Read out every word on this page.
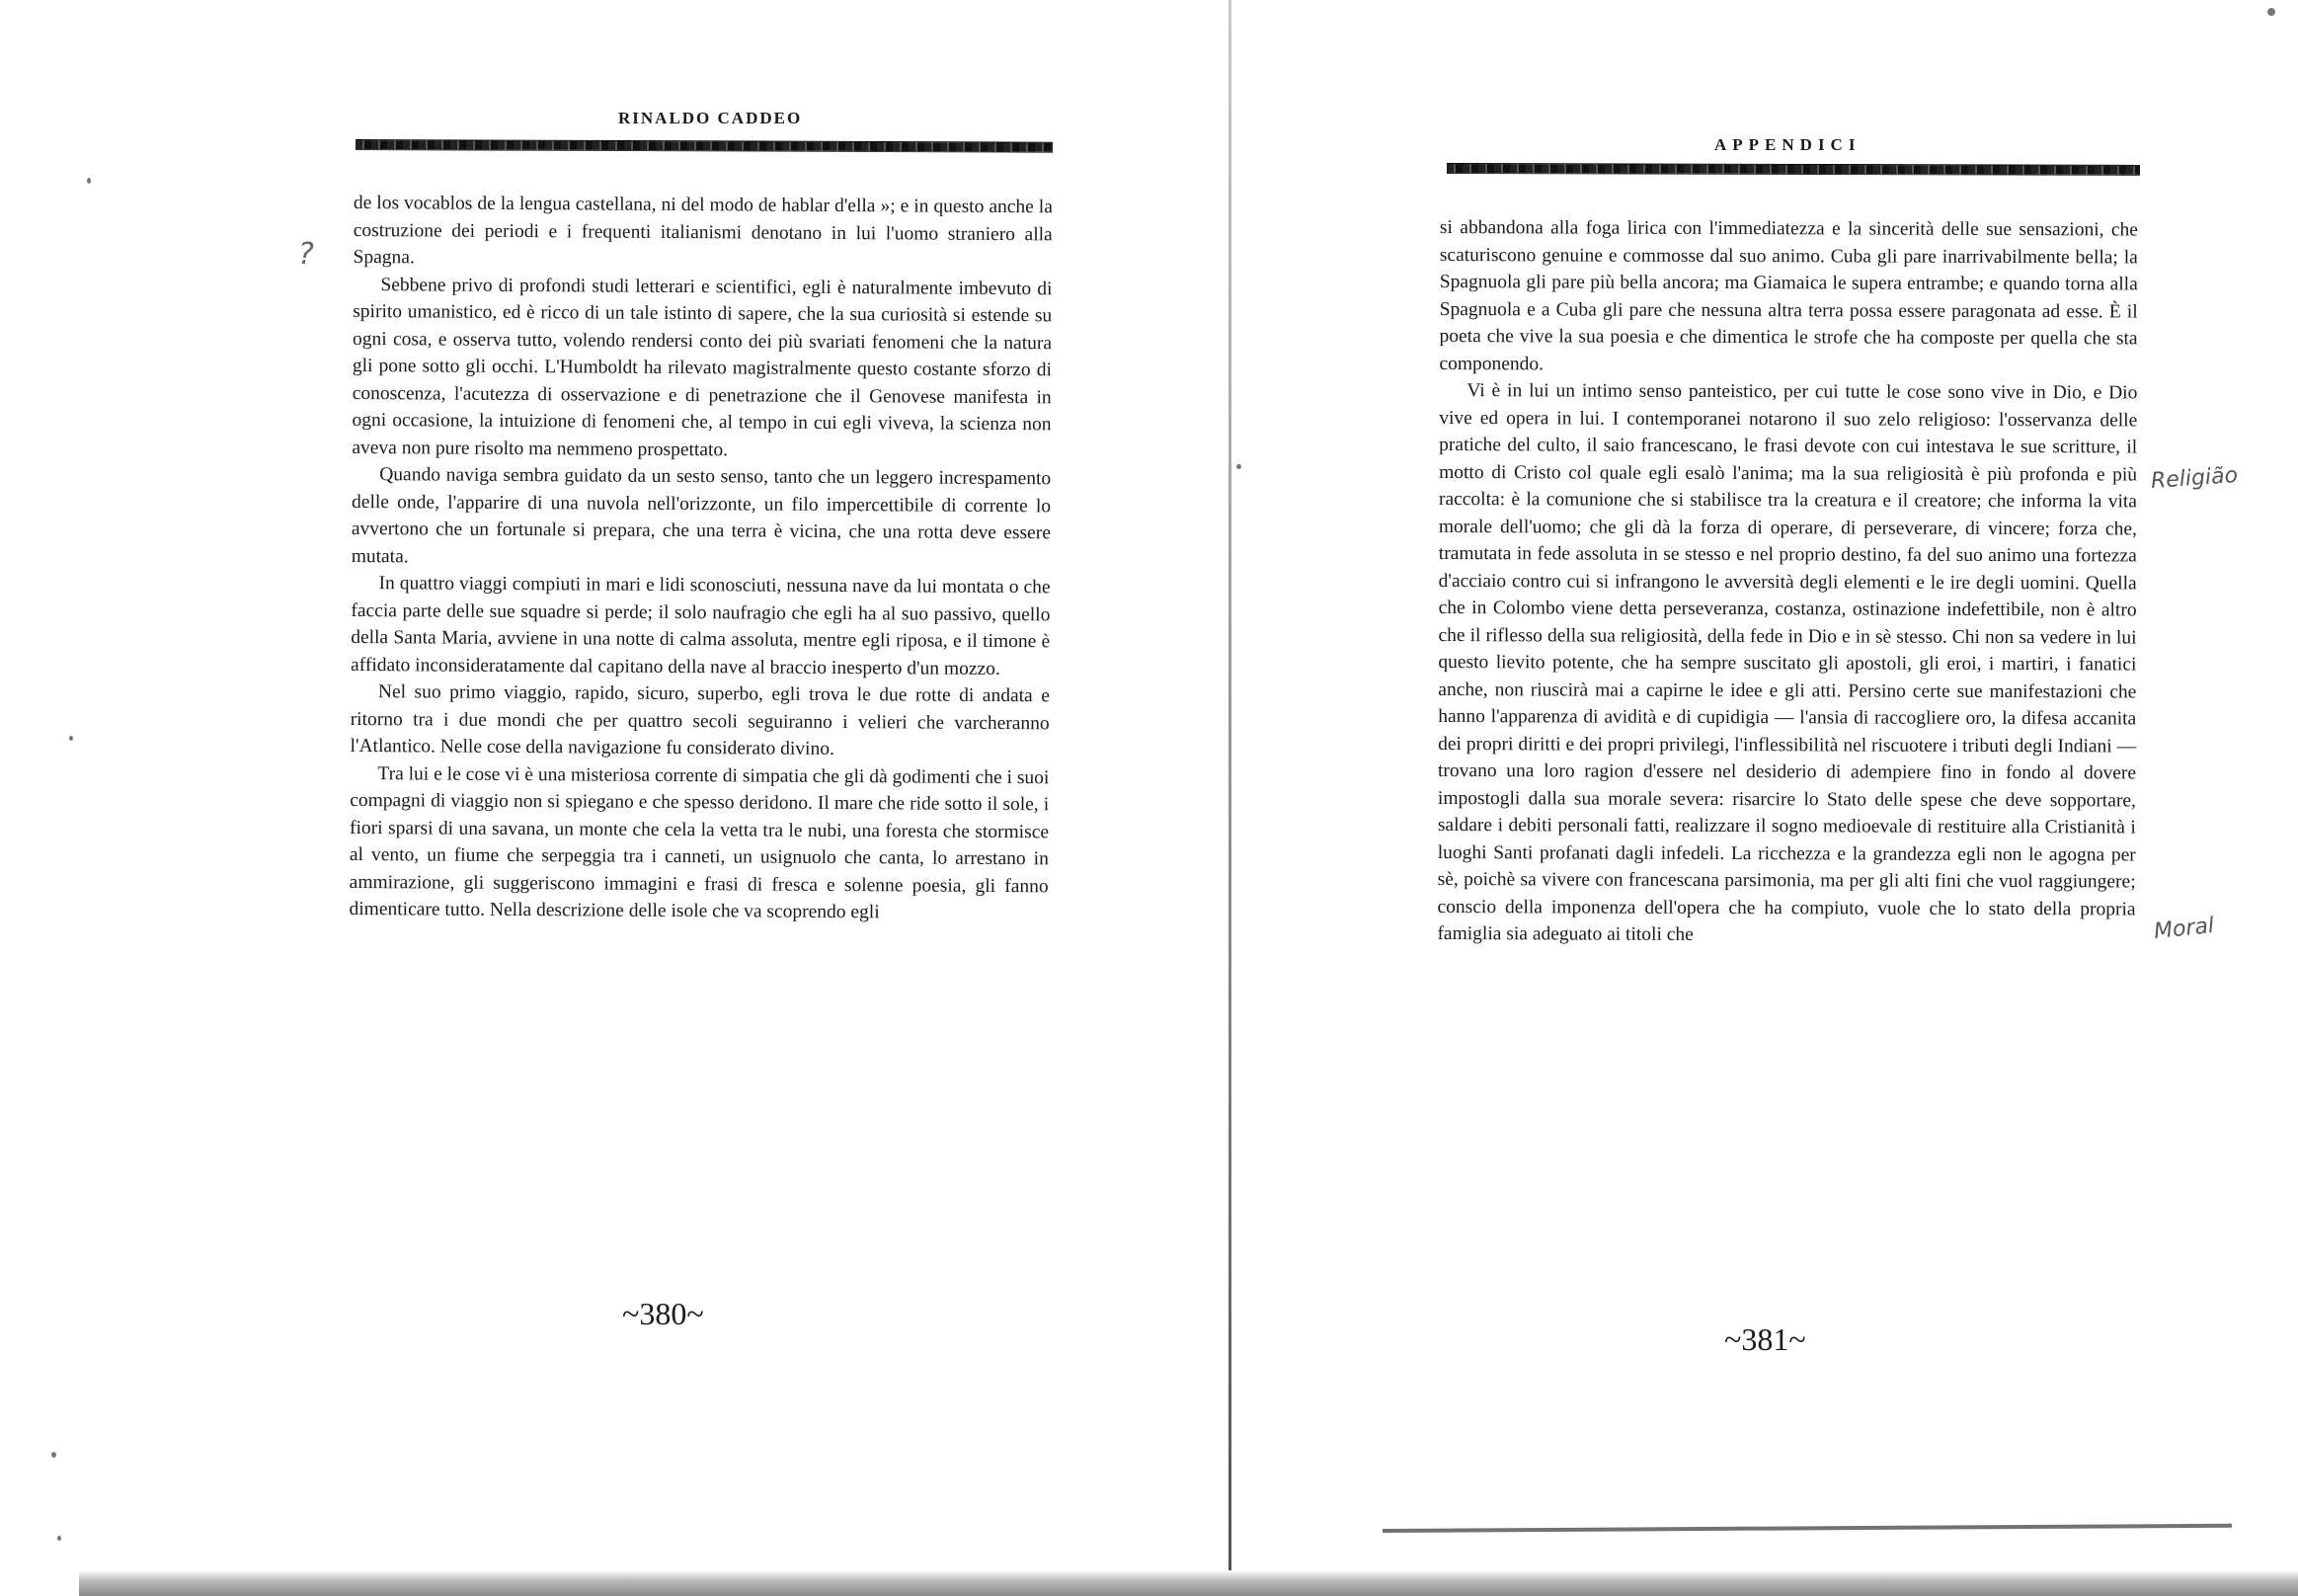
RINALDO CADDEO

de los vocablos de la lengua castellana, ni del modo de hablar d'ella »; e in questo anche la costruzione dei periodi e i frequenti italianismi denotano in lui l'uomo straniero alla Spagna.

Sebbene privo di profondi studi letterari e scientifici, egli è naturalmente imbevuto di spirito umanistico, ed è ricco di un tale istinto di sapere, che la sua curiosità si estende su ogni cosa, e osserva tutto, volendo rendersi conto dei più svariati fenomeni che la natura gli pone sotto gli occhi. L'Humboldt ha rilevato magistralmente questo costante sforzo di conoscenza, l'acutezza di osservazione e di penetrazione che il Genovese manifesta in ogni occasione, la intuizione di fenomeni che, al tempo in cui egli viveva, la scienza non aveva non pure risolto ma nemmeno prospettato.

Quando naviga sembra guidato da un sesto senso, tanto che un leggero increspamento delle onde, l'apparire di una nuvola nell'orizzonte, un filo impercettibile di corrente lo avvertono che un fortunale si prepara, che una terra è vicina, che una rotta deve essere mutata.

In quattro viaggi compiuti in mari e lidi sconosciuti, nessuna nave da lui montata o che faccia parte delle sue squadre si perde; il solo naufragio che egli ha al suo passivo, quello della Santa Maria, avviene in una notte di calma assoluta, mentre egli riposa, e il timone è affidato inconsideratamente dal capitano della nave al braccio inesperto d'un mozzo.

Nel suo primo viaggio, rapido, sicuro, superbo, egli trova le due rotte di andata e ritorno tra i due mondi che per quattro secoli seguiranno i velieri che varcheranno l'Atlantico. Nelle cose della navigazione fu considerato divino.

Tra lui e le cose vi è una misteriosa corrente di simpatia che gli dà godimenti che i suoi compagni di viaggio non si spiegano e che spesso deridono. Il mare che ride sotto il sole, i fiori sparsi di una savana, un monte che cela la vetta tra le nubi, una foresta che stormisce al vento, un fiume che serpeggia tra i canneti, un usignuolo che canta, lo arrestano in ammirazione, gli suggeriscono immagini e frasi di fresca e solenne poesia, gli fanno dimenticare tutto. Nella descrizione delle isole che va scoprendo egli

~380~
?
APPENDICI

si abbandona alla foga lirica con l'immediatezza e la sincerità delle sue sensazioni, che scaturiscono genuine e commosse dal suo animo. Cuba gli pare inarrivabilmente bella; la Spagnuola gli pare più bella ancora; ma Giamaica le supera entrambe; e quando torna alla Spagnuola e a Cuba gli pare che nessuna altra terra possa essere paragonata ad esse. È il poeta che vive la sua poesia e che dimentica le strofe che ha composte per quella che sta componendo.

Vi è in lui un intimo senso panteistico, per cui tutte le cose sono vive in Dio, e Dio vive ed opera in lui. I contemporanei notarono il suo zelo religioso: l'osservanza delle pratiche del culto, il saio francescano, le frasi devote con cui intestava le sue scritture, il motto di Cristo col quale egli esalò l'anima; ma la sua religiosità è più profonda e più raccolta: è la comunione che si stabilisce tra la creatura e il creatore; che informa la vita morale dell'uomo; che gli dà la forza di operare, di perseverare, di vincere; forza che, tramutata in fede assoluta in se stesso e nel proprio destino, fa del suo animo una fortezza d'acciaio contro cui si infrangono le avversità degli elementi e le ire degli uomini. Quella che in Colombo viene detta perseveranza, costanza, ostinazione indefettibile, non è altro che il riflesso della sua religiosità, della fede in Dio e in sè stesso. Chi non sa vedere in lui questo lievito potente, che ha sempre suscitato gli apostoli, gli eroi, i martiri, i fanatici anche, non riuscirà mai a capirne le idee e gli atti. Persino certe sue manifestazioni che hanno l'apparenza di avidità e di cupidigia — l'ansia di raccogliere oro, la difesa accanita dei propri diritti e dei propri privilegi, l'inflessibilità nel riscuotere i tributi degli Indiani — trovano una loro ragion d'essere nel desiderio di adempiere fino in fondo al dovere impostogli dalla sua morale severa: risarcire lo Stato delle spese che deve sopportare, saldare i debiti personali fatti, realizzare il sogno medioevale di restituire alla Cristianità i luoghi Santi profanati dagli infedeli. La ricchezza e la grandezza egli non le agogna per sè, poichè sa vivere con francescana parsimonia, ma per gli alti fini che vuol raggiungere; conscio della imponenza dell'opera che ha compiuto, vuole che lo stato della propria famiglia sia adeguato ai titoli che

~381~
Religião
Moral
